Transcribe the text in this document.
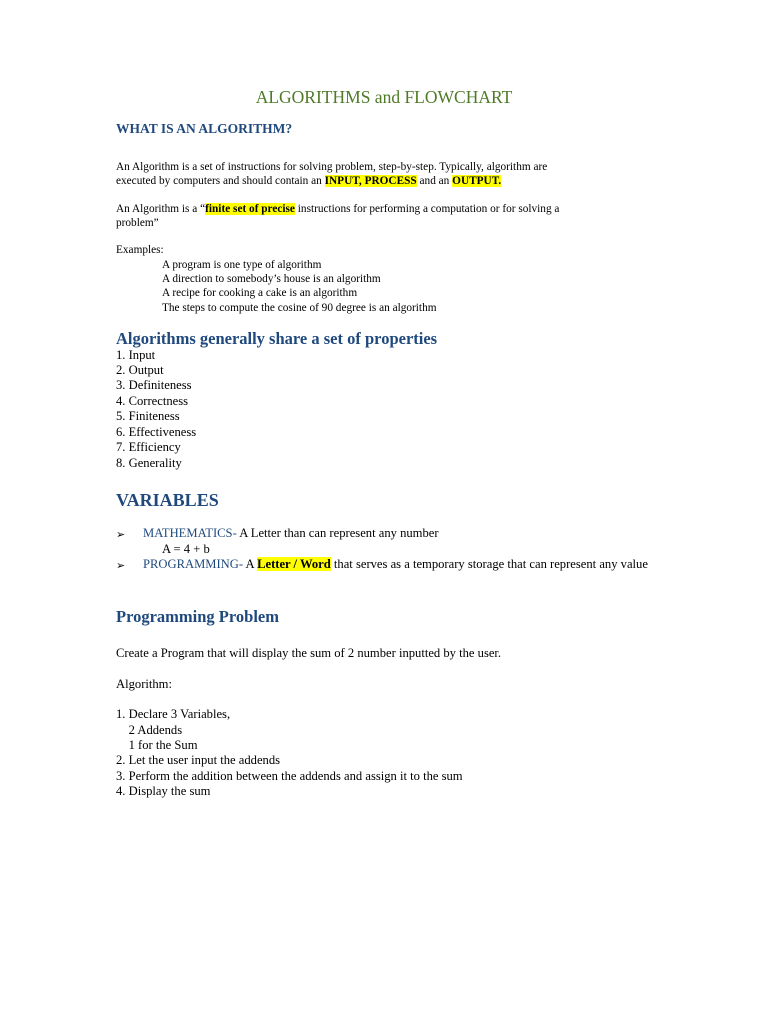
ALGORITHMS and FLOWCHART
WHAT IS AN ALGORITHM?
An Algorithm is a set of instructions for solving problem, step-by-step. Typically, algorithm are
executed by computers and should contain an INPUT, PROCESS and an OUTPUT.
An Algorithm is a “finite set of precise instructions for performing a computation or for solving a
problem”
Examples:
A program is one type of algorithm
A direction to somebody’s house is an algorithm
A recipe for cooking a cake is an algorithm
The steps to compute the cosine of 90 degree is an algorithm
Algorithms generally share a set of properties
1. Input
2. Output
3. Definiteness
4. Correctness
5. Finiteness
6. Effectiveness
7. Efficiency
8. Generality
VARIABLES
➢ MATHEMATICS- A Letter than can represent any number
A = 4 + b
➢ PROGRAMMING- A Letter / Word that serves as a temporary storage that can represent any value
Programming Problem
Create a Program that will display the sum of 2 number inputted by the user.
Algorithm:
1. Declare 3 Variables,
2 Addends
1 for the Sum
2. Let the user input the addends
3. Perform the addition between the addends and assign it to the sum
4. Display the sum
